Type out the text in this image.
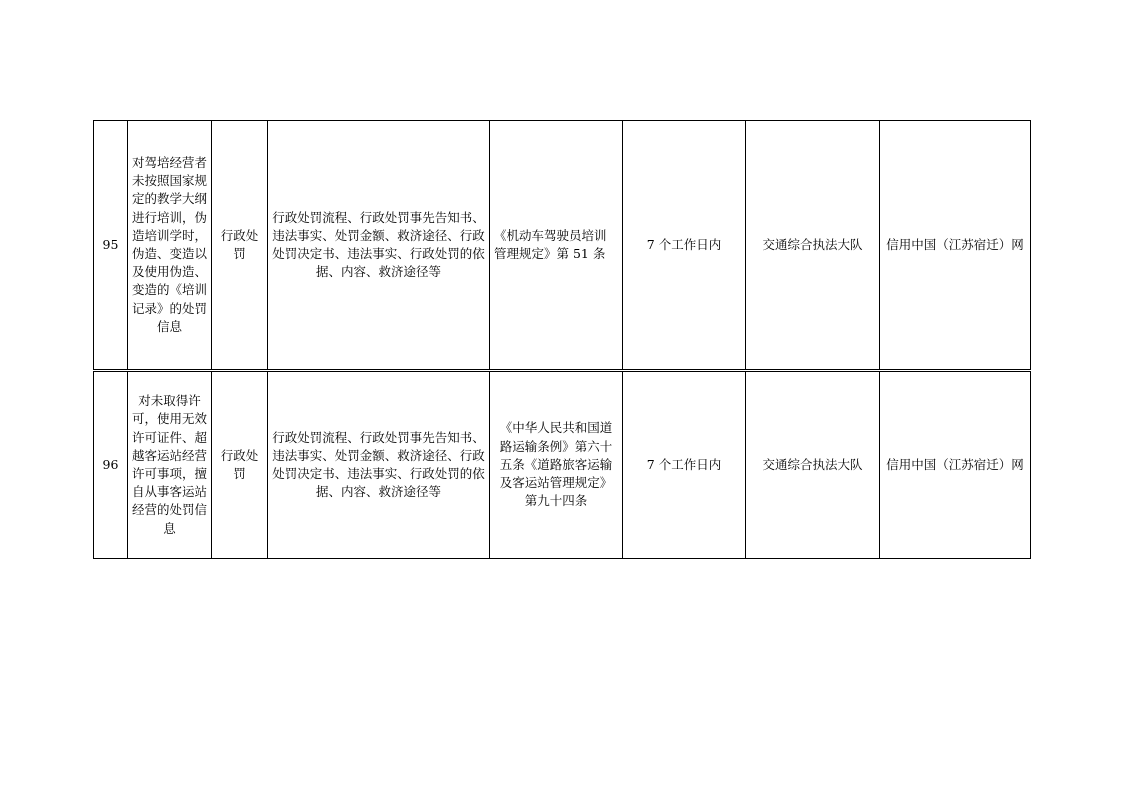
95	对驾培经营者未按照国家规定的教学大纲进行培训，伪造培训学时，伪造、变造以及使用伪造、变造的《培训记录》的处罚信息	行政处罚	行政处罚流程、行政处罚事先告知书、违法事实、处罚金额、救济途径、行政处罚决定书、违法事实、行政处罚的依据、内容、救济途径等	《机动车驾驶员培训管理规定》第 51 条	7 个工作日内	交通综合执法大队	信用中国（江苏宿迁）网
96	对未取得许可，使用无效许可证件、超越客运站经营许可事项，擅自从事客运站经营的处罚信息	行政处罚	行政处罚流程、行政处罚事先告知书、违法事实、处罚金额、救济途径、行政处罚决定书、违法事实、行政处罚的依据、内容、救济途径等	《中华人民共和国道路运输条例》第六十五条《道路旅客运输及客运站管理规定》第九十四条	7 个工作日内	交通综合执法大队	信用中国（江苏宿迁）网
